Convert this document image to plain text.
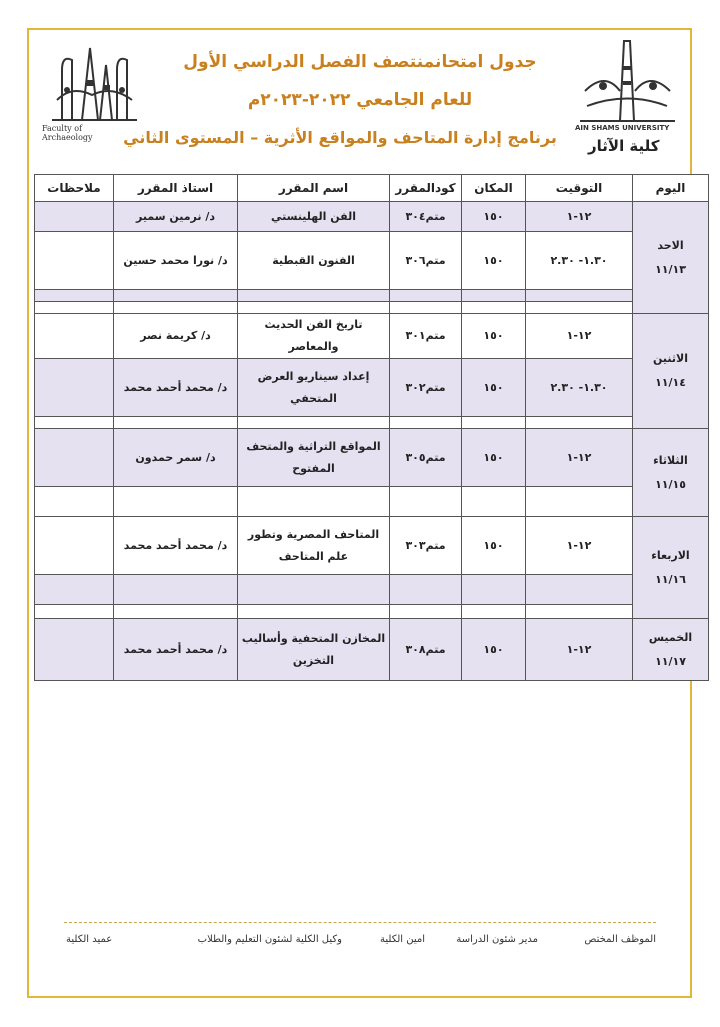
Faculty of
Archaeology
AIN SHAMS UNIVERSITY
كلية الآثار
جدول امتحانمنتصف الفصل الدراسي الأول
للعام الجامعي ٢٠٢٢-٢٠٢٣م
برنامج إدارة المتاحف والمواقع الأثرية – المستوى الثاني
اليوم	التوقيت	المكان	كودالمقرر	اسم المقرر	استاذ المقرر	ملاحظات

الاحد
١١/١٣	١٢-١	١٥٠	متم٣٠٤	الفن الهلينستي	د/ نرمين سمير	
	١.٣٠- ٢.٣٠	١٥٠	متم٣٠٦	الفنون القبطية	د/ نورا محمد حسين	

الاثنين
١١/١٤	١٢-١	١٥٠	متم٣٠١	تاريخ الفن الحديث والمعاصر	د/ كريمة نصر	
	١.٣٠- ٢.٣٠	١٥٠	متم٣٠٢	إعداد سيناريو العرض المتحفي	د/ محمد أحمد محمد	

الثلاثاء
١١/١٥	١٢-١	١٥٠	متم٣٠٥	المواقع التراثية والمتحف المفتوح	د/ سمر حمدون	

الاربعاء
١١/١٦	١٢-١	١٥٠	متم٣٠٣	المتاحف المصرية وتطور علم المتاحف	د/ محمد أحمد محمد	

الخميس
١١/١٧	١٢-١	١٥٠	متم٣٠٨	المخازن المتحفية وأساليب التخزين	د/ محمد أحمد محمد	
الموظف المختص
مدير شئون الدراسة
امين الكلية
وكيل الكلية لشئون التعليم والطلاب
عميد الكلية
